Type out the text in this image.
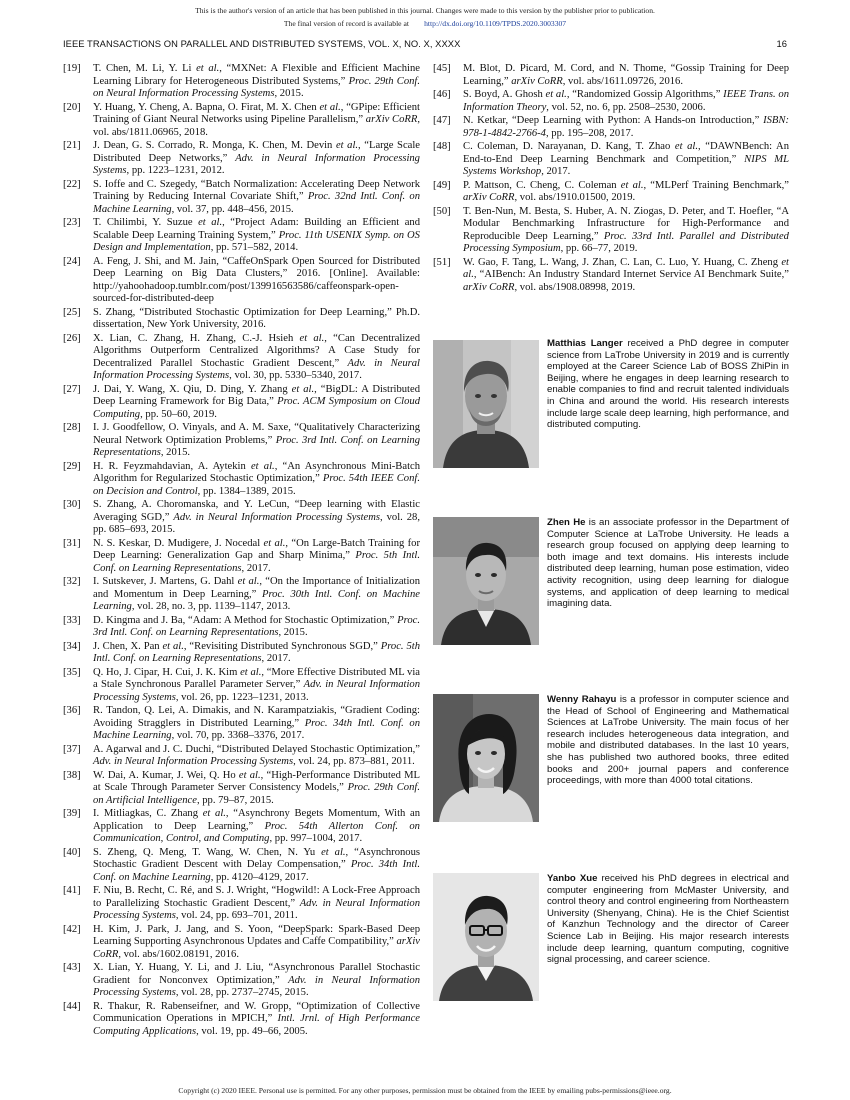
This is the author's version of an article that has been published in this journal. Changes were made to this version by the publisher prior to publication.
The final version of record is available at http://dx.doi.org/10.1109/TPDS.2020.3003307
IEEE TRANSACTIONS ON PARALLEL AND DISTRIBUTED SYSTEMS, VOL. X, NO. X, XXXX	16
[19]	T. Chen, M. Li, Y. Li et al., “MXNet: A Flexible and Efficient Machine Learning Library for Heterogeneous Distributed Systems,” Proc. 29th Conf. on Neural Information Processing Systems, 2015.
[20]	Y. Huang, Y. Cheng, A. Bapna, O. Firat, M. X. Chen et al., “GPipe: Efficient Training of Giant Neural Networks using Pipeline Parallelism,” arXiv CoRR, vol. abs/1811.06965, 2018.
[21]	J. Dean, G. S. Corrado, R. Monga, K. Chen, M. Devin et al., “Large Scale Distributed Deep Networks,” Adv. in Neural Information Processing Systems, pp. 1223–1231, 2012.
[22]	S. Ioffe and C. Szegedy, “Batch Normalization: Accelerating Deep Network Training by Reducing Internal Covariate Shift,” Proc. 32nd Intl. Conf. on Machine Learning, vol. 37, pp. 448–456, 2015.
[23]	T. Chilimbi, Y. Suzue et al., “Project Adam: Building an Efficient and Scalable Deep Learning Training System,” Proc. 11th USENIX Symp. on OS Design and Implementation, pp. 571–582, 2014.
[24]	A. Feng, J. Shi, and M. Jain, “CaffeOnSpark Open Sourced for Distributed Deep Learning on Big Data Clusters,” 2016. [Online]. Available: http://yahoohadoop.tumblr.com/post/139916563586/caffeonspark-open-sourced-for-distributed-deep
[25]	S. Zhang, “Distributed Stochastic Optimization for Deep Learning,” Ph.D. dissertation, New York University, 2016.
[26]	X. Lian, C. Zhang, H. Zhang, C.-J. Hsieh et al., “Can Decentralized Algorithms Outperform Centralized Algorithms? A Case Study for Decentralized Parallel Stochastic Gradient Descent,” Adv. in Neural Information Processing Systems, vol. 30, pp. 5330–5340, 2017.
[27]	J. Dai, Y. Wang, X. Qiu, D. Ding, Y. Zhang et al., “BigDL: A Distributed Deep Learning Framework for Big Data,” Proc. ACM Symposium on Cloud Computing, pp. 50–60, 2019.
[28]	I. J. Goodfellow, O. Vinyals, and A. M. Saxe, “Qualitatively Characterizing Neural Network Optimization Problems,” Proc. 3rd Intl. Conf. on Learning Representations, 2015.
[29]	H. R. Feyzmahdavian, A. Aytekin et al., “An Asynchronous Mini-Batch Algorithm for Regularized Stochastic Optimization,” Proc. 54th IEEE Conf. on Decision and Control, pp. 1384–1389, 2015.
[30]	S. Zhang, A. Choromanska, and Y. LeCun, “Deep learning with Elastic Averaging SGD,” Adv. in Neural Information Processing Systems, vol. 28, pp. 685–693, 2015.
[31]	N. S. Keskar, D. Mudigere, J. Nocedal et al., “On Large-Batch Training for Deep Learning: Generalization Gap and Sharp Minima,” Proc. 5th Intl. Conf. on Learning Representations, 2017.
[32]	I. Sutskever, J. Martens, G. Dahl et al., “On the Importance of Initialization and Momentum in Deep Learning,” Proc. 30th Intl. Conf. on Machine Learning, vol. 28, no. 3, pp. 1139–1147, 2013.
[33]	D. Kingma and J. Ba, “Adam: A Method for Stochastic Optimization,” Proc. 3rd Intl. Conf. on Learning Representations, 2015.
[34]	J. Chen, X. Pan et al., “Revisiting Distributed Synchronous SGD,” Proc. 5th Intl. Conf. on Learning Representations, 2017.
[35]	Q. Ho, J. Cipar, H. Cui, J. K. Kim et al., “More Effective Distributed ML via a Stale Synchronous Parallel Parameter Server,” Adv. in Neural Information Processing Systems, vol. 26, pp. 1223–1231, 2013.
[36]	R. Tandon, Q. Lei, A. Dimakis, and N. Karampatziakis, “Gradient Coding: Avoiding Stragglers in Distributed Learning,” Proc. 34th Intl. Conf. on Machine Learning, vol. 70, pp. 3368–3376, 2017.
[37]	A. Agarwal and J. C. Duchi, “Distributed Delayed Stochastic Optimization,” Adv. in Neural Information Processing Systems, vol. 24, pp. 873–881, 2011.
[38]	W. Dai, A. Kumar, J. Wei, Q. Ho et al., “High-Performance Distributed ML at Scale Through Parameter Server Consistency Models,” Proc. 29th Conf. on Artificial Intelligence, pp. 79–87, 2015.
[39]	I. Mitliagkas, C. Zhang et al., “Asynchrony Begets Momentum, With an Application to Deep Learning,” Proc. 54th Allerton Conf. on Communication, Control, and Computing, pp. 997–1004, 2017.
[40]	S. Zheng, Q. Meng, T. Wang, W. Chen, N. Yu et al., “Asynchronous Stochastic Gradient Descent with Delay Compensation,” Proc. 34th Intl. Conf. on Machine Learning, pp. 4120–4129, 2017.
[41]	F. Niu, B. Recht, C. Ré, and S. J. Wright, “Hogwild!: A Lock-Free Approach to Parallelizing Stochastic Gradient Descent,” Adv. in Neural Information Processing Systems, vol. 24, pp. 693–701, 2011.
[42]	H. Kim, J. Park, J. Jang, and S. Yoon, “DeepSpark: Spark-Based Deep Learning Supporting Asynchronous Updates and Caffe Compatibility,” arXiv CoRR, vol. abs/1602.08191, 2016.
[43]	X. Lian, Y. Huang, Y. Li, and J. Liu, “Asynchronous Parallel Stochastic Gradient for Nonconvex Optimization,” Adv. in Neural Information Processing Systems, vol. 28, pp. 2737–2745, 2015.
[44]	R. Thakur, R. Rabenseifner, and W. Gropp, “Optimization of Collective Communication Operations in MPICH,” Intl. Jrnl. of High Performance Computing Applications, vol. 19, pp. 49–66, 2005.
[45]	M. Blot, D. Picard, M. Cord, and N. Thome, “Gossip Training for Deep Learning,” arXiv CoRR, vol. abs/1611.09726, 2016.
[46]	S. Boyd, A. Ghosh et al., “Randomized Gossip Algorithms,” IEEE Trans. on Information Theory, vol. 52, no. 6, pp. 2508–2530, 2006.
[47]	N. Ketkar, “Deep Learning with Python: A Hands-on Introduction,” ISBN: 978-1-4842-2766-4, pp. 195–208, 2017.
[48]	C. Coleman, D. Narayanan, D. Kang, T. Zhao et al., “DAWNBench: An End-to-End Deep Learning Benchmark and Competition,” NIPS ML Systems Workshop, 2017.
[49]	P. Mattson, C. Cheng, C. Coleman et al., “MLPerf Training Benchmark,” arXiv CoRR, vol. abs/1910.01500, 2019.
[50]	T. Ben-Nun, M. Besta, S. Huber, A. N. Ziogas, D. Peter, and T. Hoefler, “A Modular Benchmarking Infrastructure for High-Performance and Reproducible Deep Learning,” Proc. 33rd Intl. Parallel and Distributed Processing Symposium, pp. 66–77, 2019.
[51]	W. Gao, F. Tang, L. Wang, J. Zhan, C. Lan, C. Luo, Y. Huang, C. Zheng et al., “AIBench: An Industry Standard Internet Service AI Benchmark Suite,” arXiv CoRR, vol. abs/1908.08998, 2019.
Matthias Langer received a PhD degree in computer science from LaTrobe University in 2019 and is currently employed at the Career Science Lab of BOSS ZhiPin in Beijing, where he engages in deep learning research to enable companies to find and recruit talented individuals in China and around the world. His research interests include large scale deep learning, high performance, and distributed computing.
Zhen He is an associate professor in the Department of Computer Science at LaTrobe University. He leads a research group focused on applying deep learning to both image and text domains. His interests include distributed deep learning, human pose estimation, video activity recognition, using deep learning for dialogue systems, and application of deep learning to medical imagining data.
Wenny Rahayu is a professor in computer science and the Head of School of Engineering and Mathematical Sciences at LaTrobe University. The main focus of her research includes heterogeneous data integration, and mobile and distributed databases. In the last 10 years, she has published two authored books, three edited books and 200+ journal papers and conference proceedings, with more than 4000 total citations.
Yanbo Xue received his PhD degrees in electrical and computer engineering from McMaster University, and control theory and control engineering from Northeastern University (Shenyang, China). He is the Chief Scientist of Kanzhun Technology and the director of Career Science Lab in Beijing. His major research interests include deep learning, quantum computing, cognitive signal processing, and career science.
Copyright (c) 2020 IEEE. Personal use is permitted. For any other purposes, permission must be obtained from the IEEE by emailing pubs-permissions@ieee.org.
